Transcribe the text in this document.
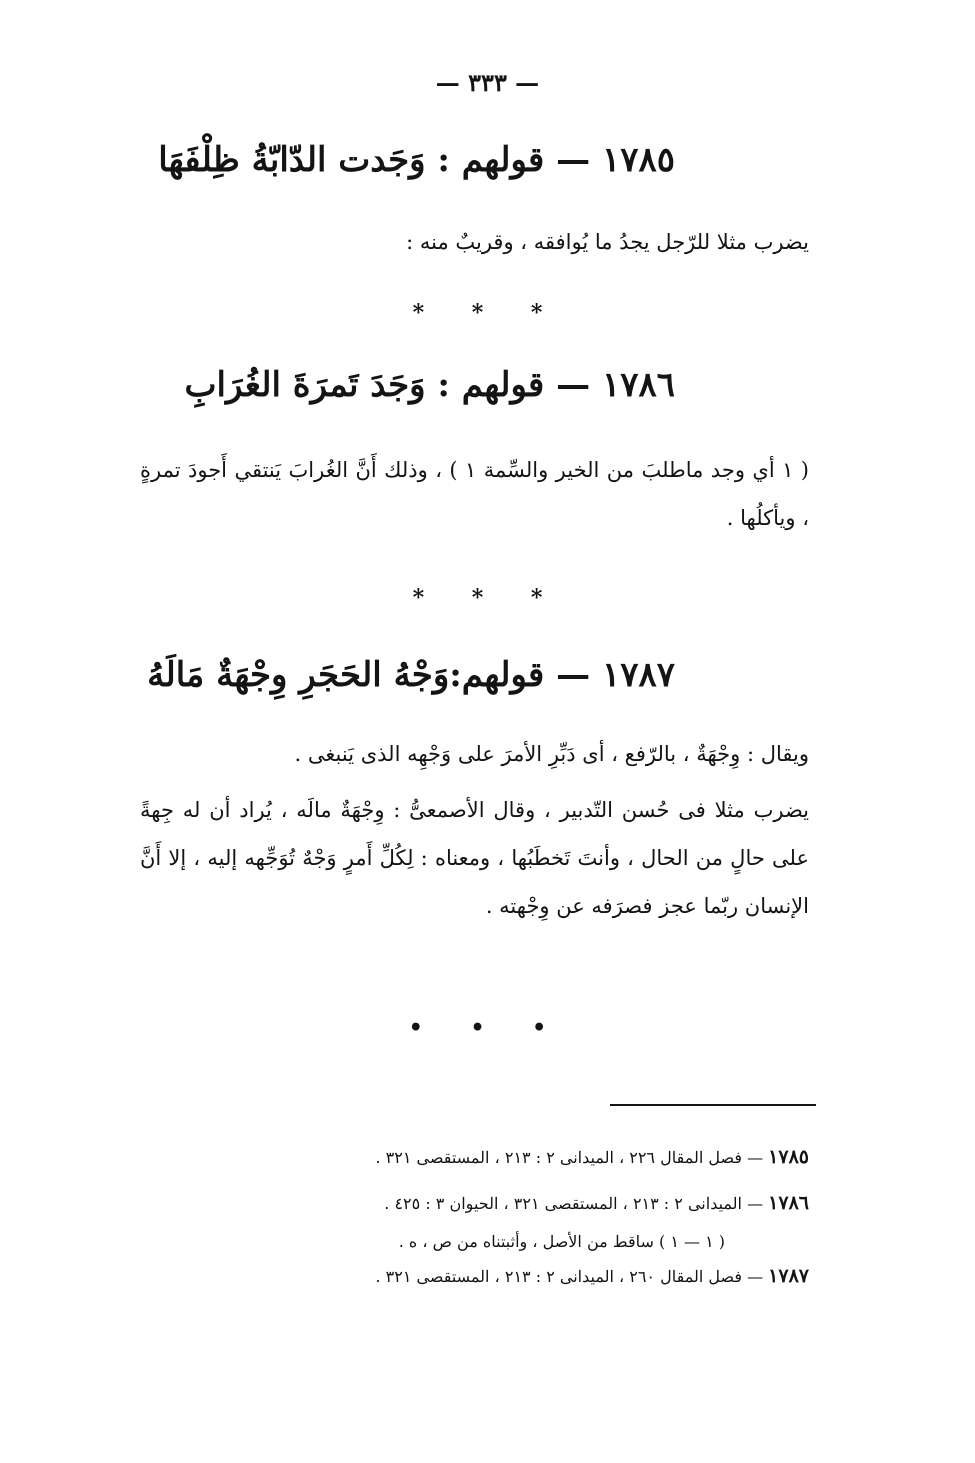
— ٣٣٣ —
١٧٨٥ — قولهم : وَجَدت الدّابّةُ ظِلْفَهَا
يضرب مثلا للرّجل يجدُ ما يُوافقه ، وقريبٌ منه :
* * *
١٧٨٦ — قولهم : وَجَدَ تَمرَةَ الغُرَابِ
( ١ أي وجد ماطلبَ من الخير والسِّمة ١ ) ، وذلك أَنَّ الغُرابَ يَنتقي أَجودَ تمرةٍ ، ويأكلُها .
* * *
١٧٨٧ — قولهم:وَجْهُ الحَجَرِ وِجْهَةٌ مَالَهُ
ويقال : وِجْهَةٌ ، بالرّفع ، أى دَبِّرِ الأمرَ على وَجْهِه الذى يَنبغى .
يضرب مثلا فى حُسن التّدبير ، وقال الأصمعىُّ : وِجْهَةٌ مالَه ، يُراد أن له جِهةً على حالٍ من الحال ، وأنتَ تَخطَبُها ، ومعناه : لِكُلِّ أَمرٍ وَجْهٌ تُوَجِّهه إليه ، إلا أَنَّ الإنسان ربّما عجز فصرَفه عن وِجْهته .
• • •
١٧٨٥ — فصل المقال ٢٢٦ ، الميدانى ٢ : ٢١٣ ، المستقصى ٣٢١ .
١٧٨٦ — الميدانى ٢ : ٢١٣ ، المستقصى ٣٢١ ، الحيوان ٣ : ٤٢٥ .
( ١ — ١ ) ساقط من الأصل ، وأثبتناه من ص ، ه .
١٧٨٧ — فصل المقال ٢٦٠ ، الميدانى ٢ : ٢١٣ ، المستقصى ٣٢١ .
